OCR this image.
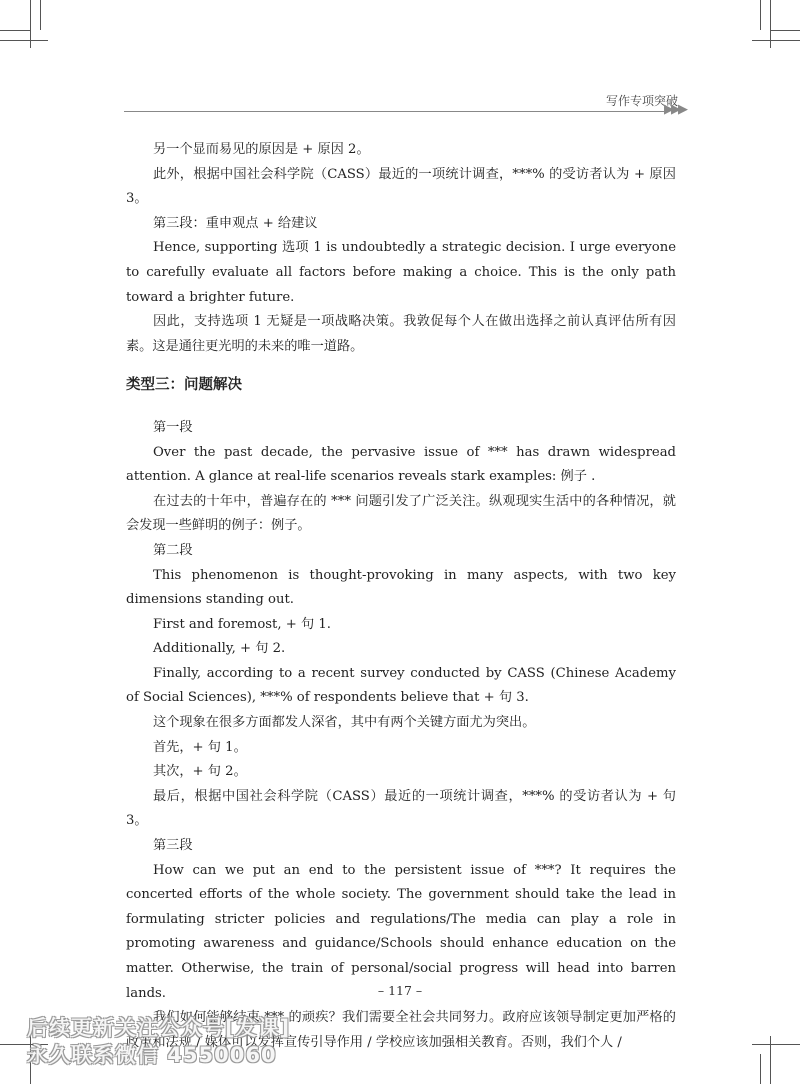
写作专项突破
▶▶▶

另一个显而易见的原因是 + 原因 2。

此外，根据中国社会科学院（CASS）最近的一项统计调查，***% 的受访者认为 + 原因 3。

第三段：重申观点 + 给建议

Hence, supporting 选项 1 is undoubtedly a strategic decision. I urge everyone to carefully evaluate all factors before making a choice. This is the only path toward a brighter future.

因此，支持选项 1 无疑是一项战略决策。我敦促每个人在做出选择之前认真评估所有因素。这是通往更光明的未来的唯一道路。

类型三：问题解决

第一段

Over the past decade, the pervasive issue of *** has drawn widespread attention. A glance at real-life scenarios reveals stark examples: 例子 .

在过去的十年中，普遍存在的 *** 问题引发了广泛关注。纵观现实生活中的各种情况，就会发现一些鲜明的例子：例子。

第二段

This phenomenon is thought-provoking in many aspects, with two key dimensions standing out.

First and foremost, + 句 1.

Additionally, + 句 2.

Finally, according to a recent survey conducted by CASS (Chinese Academy of Social Sciences), ***% of respondents believe that + 句 3.

这个现象在很多方面都发人深省，其中有两个关键方面尤为突出。

首先，+ 句 1。

其次，+ 句 2。

最后，根据中国社会科学院（CASS）最近的一项统计调查，***% 的受访者认为 + 句 3。

第三段

How can we put an end to the persistent issue of ***? It requires the concerted efforts of the whole society. The government should take the lead in formulating stricter policies and regulations/The media can play a role in promoting awareness and guidance/Schools should enhance education on the matter. Otherwise, the train of personal/social progress will head into barren lands.

我们如何能够结束 *** 的顽疾？我们需要全社会共同努力。政府应该领导制定更加严格的政策和法规 / 媒体可以发挥宣传引导作用 / 学校应该加强相关教育。否则，我们个人 /

– 117 –
后续更新关注公众号[发课]
永久联系微信 4550060
